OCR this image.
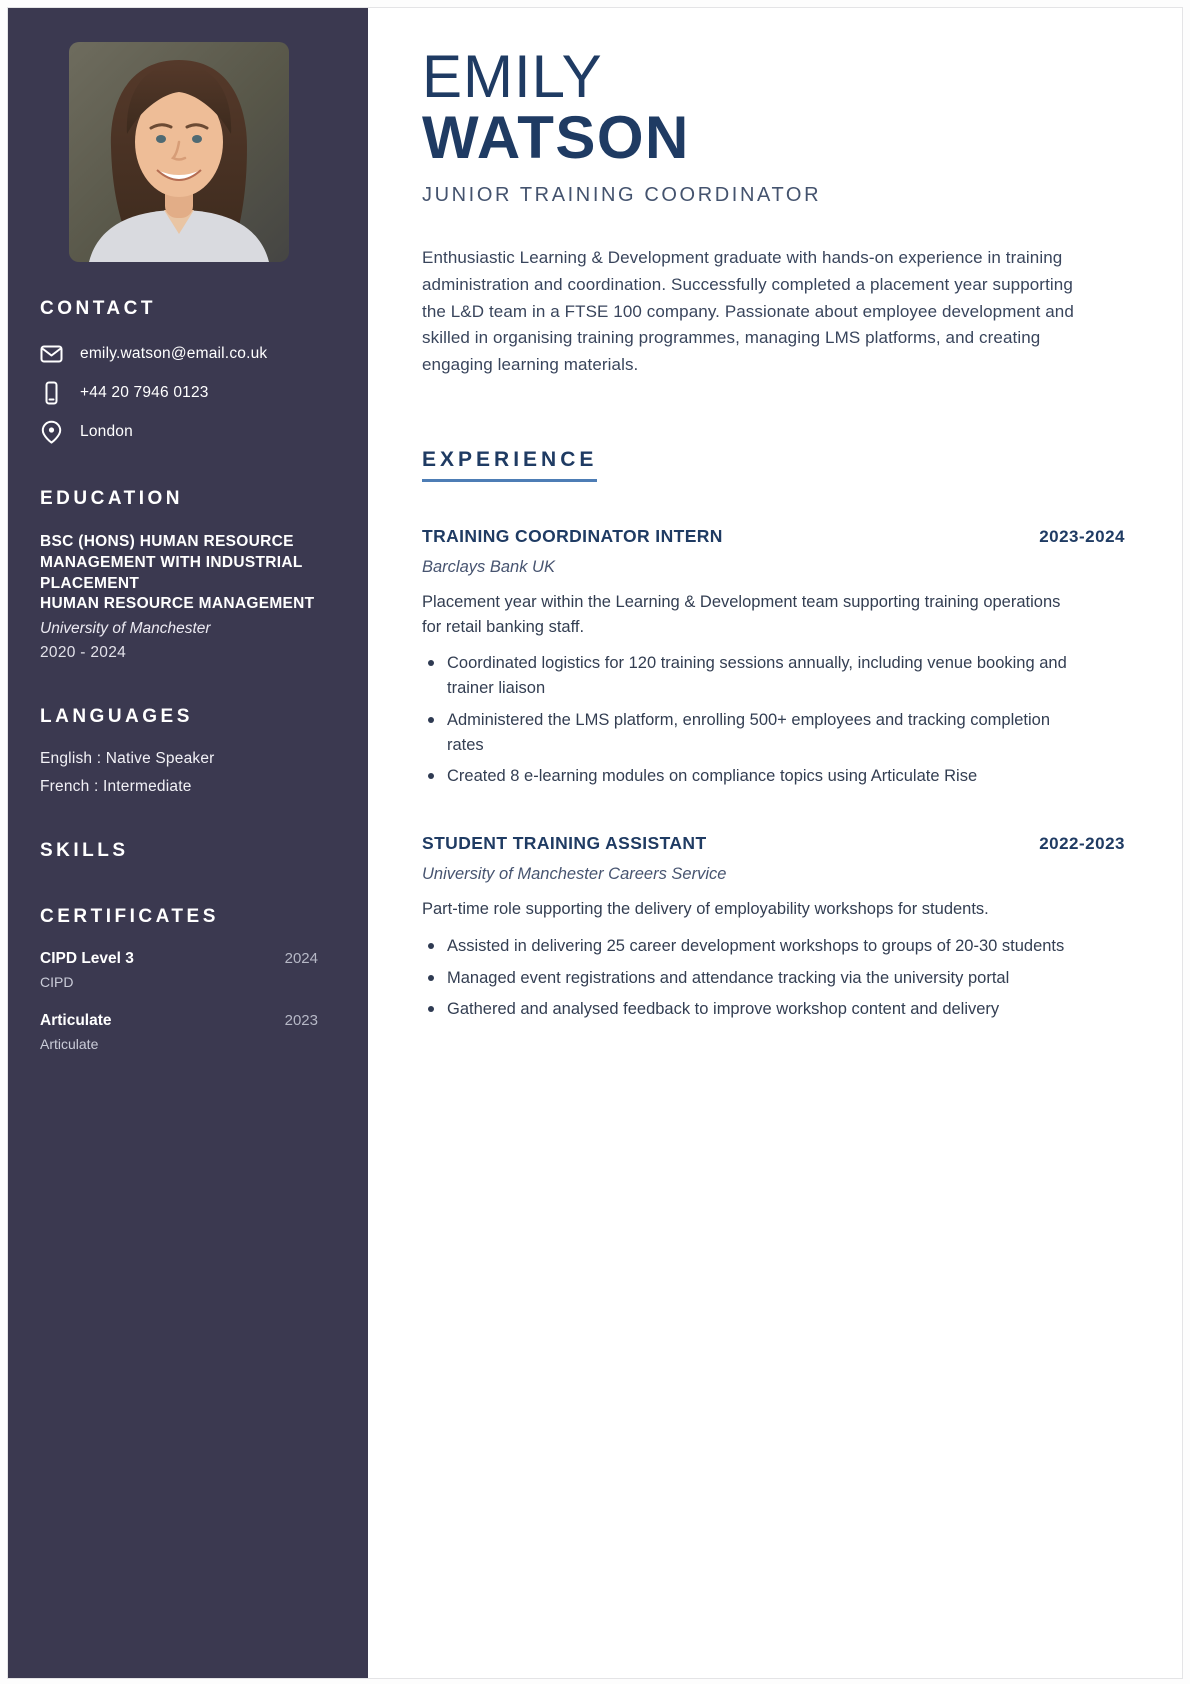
CONTACT
emily.watson@email.co.uk
+44 20 7946 0123
London
EDUCATION
BSC (HONS) HUMAN RESOURCE MANAGEMENT WITH INDUSTRIAL PLACEMENT
HUMAN RESOURCE MANAGEMENT
University of Manchester
2020 - 2024
LANGUAGES
English : Native Speaker
French : Intermediate
SKILLS
CERTIFICATES
CIPD Level 3	2024
CIPD
Articulate	2023
Articulate
EMILY
WATSON
JUNIOR TRAINING COORDINATOR

Enthusiastic Learning & Development graduate with hands-on experience in training administration and coordination. Successfully completed a placement year supporting the L&D team in a FTSE 100 company. Passionate about employee development and skilled in organising training programmes, managing LMS platforms, and creating engaging learning materials.

EXPERIENCE
TRAINING COORDINATOR INTERN	2023-2024
Barclays Bank UK
Placement year within the Learning & Development team supporting training operations for retail banking staff.
Coordinated logistics for 120 training sessions annually, including venue booking and trainer liaison
Administered the LMS platform, enrolling 500+ employees and tracking completion rates
Created 8 e-learning modules on compliance topics using Articulate Rise
STUDENT TRAINING ASSISTANT	2022-2023
University of Manchester Careers Service
Part-time role supporting the delivery of employability workshops for students.
Assisted in delivering 25 career development workshops to groups of 20-30 students
Managed event registrations and attendance tracking via the university portal
Gathered and analysed feedback to improve workshop content and delivery
